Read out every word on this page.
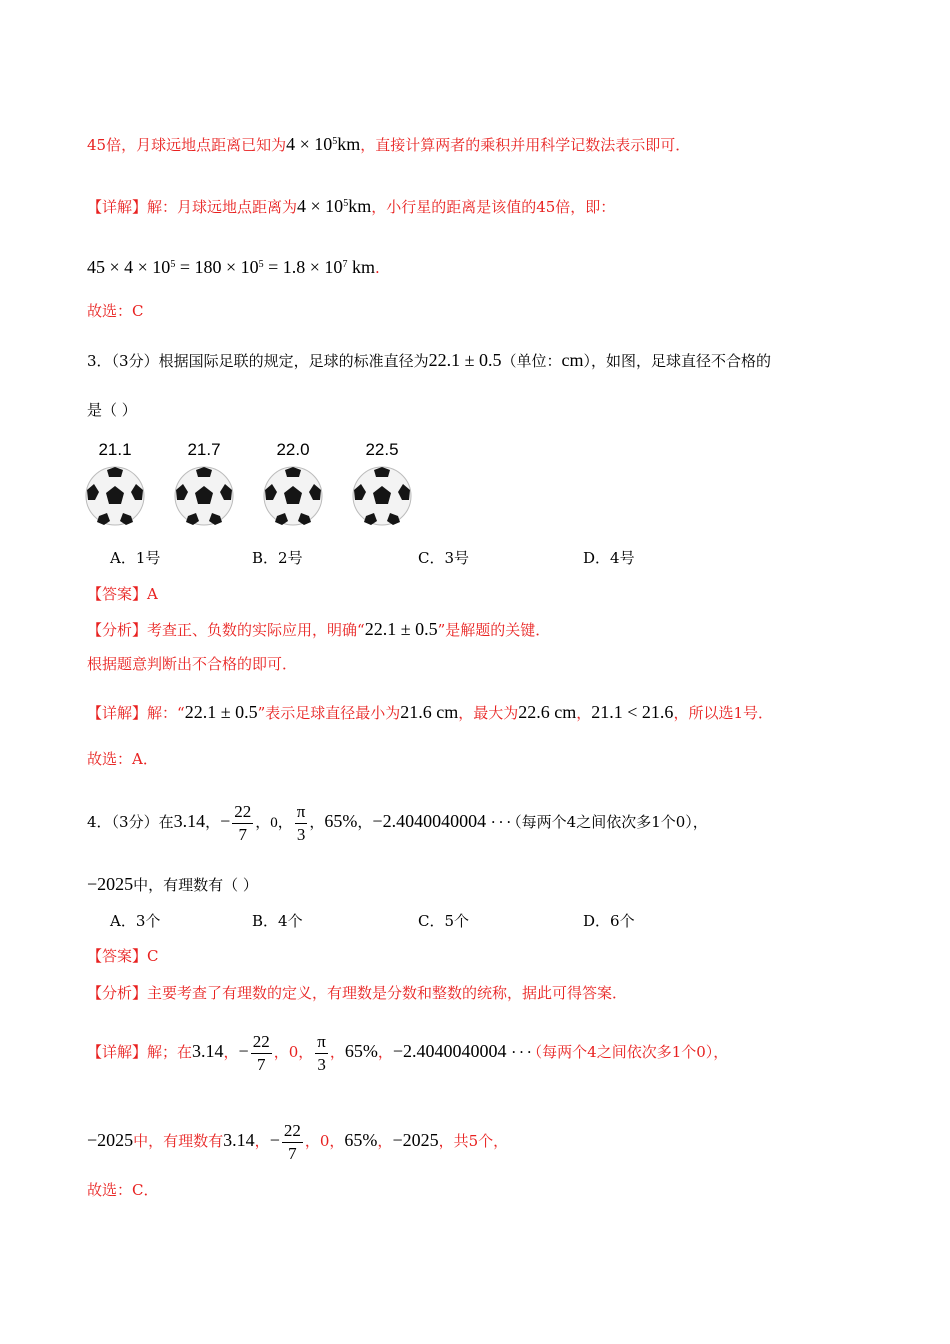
45倍，月球远地点距离已知为$4 \times 10^5km$，直接计算两者的乘积并用科学记数法表示即可．
【详解】解：月球远地点距离为$4 \times 10^5km$，小行星的距离是该值的45倍，即：
$45 \times 4 \times 10^5 = 180 \times 10^5 = 1.8 \times 10^7$ km.
故选：C
3．（3分）根据国际足联的规定，足球的标准直径为22.1 ± 0.5（单位：cm），如图，足球直径不合格的
是（ ）
21.1	21.7	22.0	22.5
A．1号	B．2号	C．3号	D．4号
【答案】A
【分析】考查正、负数的实际应用，明确“22.1 ± 0.5”是解题的关键．
根据题意判断出不合格的即可．
【详解】解：“22.1 ± 0.5”表示足球直径最小为21.6 cm，最大为22.6 cm，21.1 < 21.6，所以选1号．
故选：A．
4．（3分）在3.14，− $\frac{22}{7}$ ，0， $\frac{\pi}{3}$ ，65%，−2.4040040004 ···（每两个4之间依次多1个0），
−2025中，有理数有（ ）
A．3个	B．4个	C．5个	D．6个
【答案】C
【分析】主要考查了有理数的定义，有理数是分数和整数的统称，据此可得答案．
【详解】解；在3.14，− $\frac{22}{7}$ ，0， $\frac{\pi}{3}$ ，65%，−2.4040040004 ···（每两个4之间依次多1个0），
−2025中，有理数有3.14，− $\frac{22}{7}$ ，0，65%，−2025，共5个，
故选：C．
